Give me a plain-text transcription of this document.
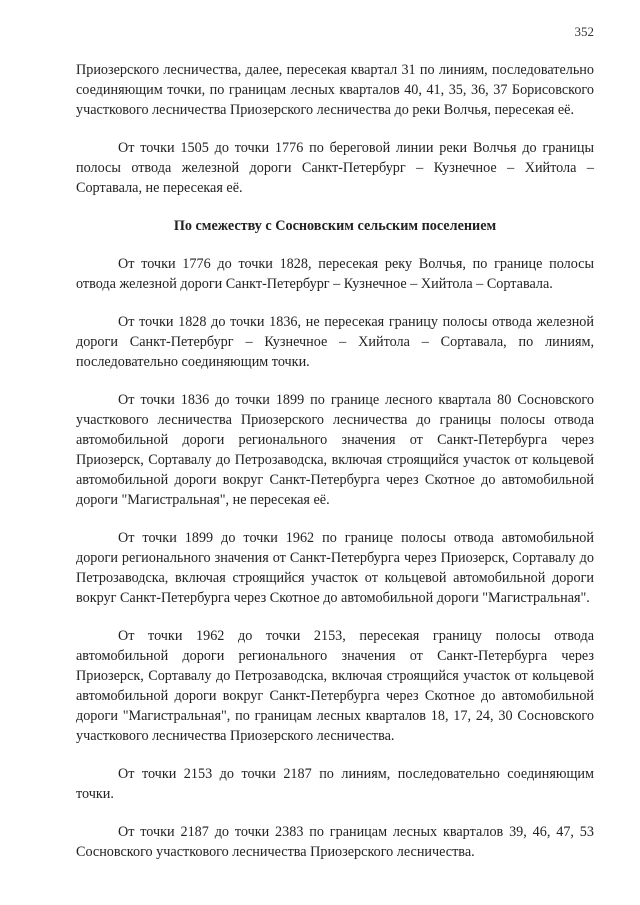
352

Приозерского лесничества, далее, пересекая квартал 31 по линиям, последовательно соединяющим точки, по границам лесных кварталов 40, 41, 35, 36, 37 Борисовского участкового лесничества Приозерского лесничества до реки Волчья, пересекая её.

От точки 1505 до точки 1776 по береговой линии реки Волчья до границы полосы отвода железной дороги Санкт-Петербург – Кузнечное – Хийтола – Сортавала, не пересекая её.

По смежеству с Сосновским сельским поселением

От точки 1776 до точки 1828, пересекая реку Волчья, по границе полосы отвода железной дороги Санкт-Петербург – Кузнечное – Хийтола – Сортавала.

От точки 1828 до точки 1836, не пересекая границу полосы отвода железной дороги Санкт-Петербург – Кузнечное – Хийтола – Сортавала, по линиям, последовательно соединяющим точки.

От точки 1836 до точки 1899 по границе лесного квартала 80 Сосновского участкового лесничества Приозерского лесничества до границы полосы отвода автомобильной дороги регионального значения от Санкт-Петербурга через Приозерск, Сортавалу до Петрозаводска, включая строящийся участок от кольцевой автомобильной дороги вокруг Санкт-Петербурга через Скотное до автомобильной дороги "Магистральная", не пересекая её.

От точки 1899 до точки 1962 по границе полосы отвода автомобильной дороги регионального значения от Санкт-Петербурга через Приозерск, Сортавалу до Петрозаводска, включая строящийся участок от кольцевой автомобильной дороги вокруг Санкт-Петербурга через Скотное до автомобильной дороги "Магистральная".

От точки 1962 до точки 2153, пересекая границу полосы отвода автомобильной дороги регионального значения от Санкт-Петербурга через Приозерск, Сортавалу до Петрозаводска, включая строящийся участок от кольцевой автомобильной дороги вокруг Санкт-Петербурга через Скотное до автомобильной дороги "Магистральная", по границам лесных кварталов 18, 17, 24, 30 Сосновского участкового лесничества Приозерского лесничества.

От точки 2153 до точки 2187 по линиям, последовательно соединяющим точки.

От точки 2187 до точки 2383 по границам лесных кварталов 39, 46, 47, 53 Сосновского участкового лесничества Приозерского лесничества.
